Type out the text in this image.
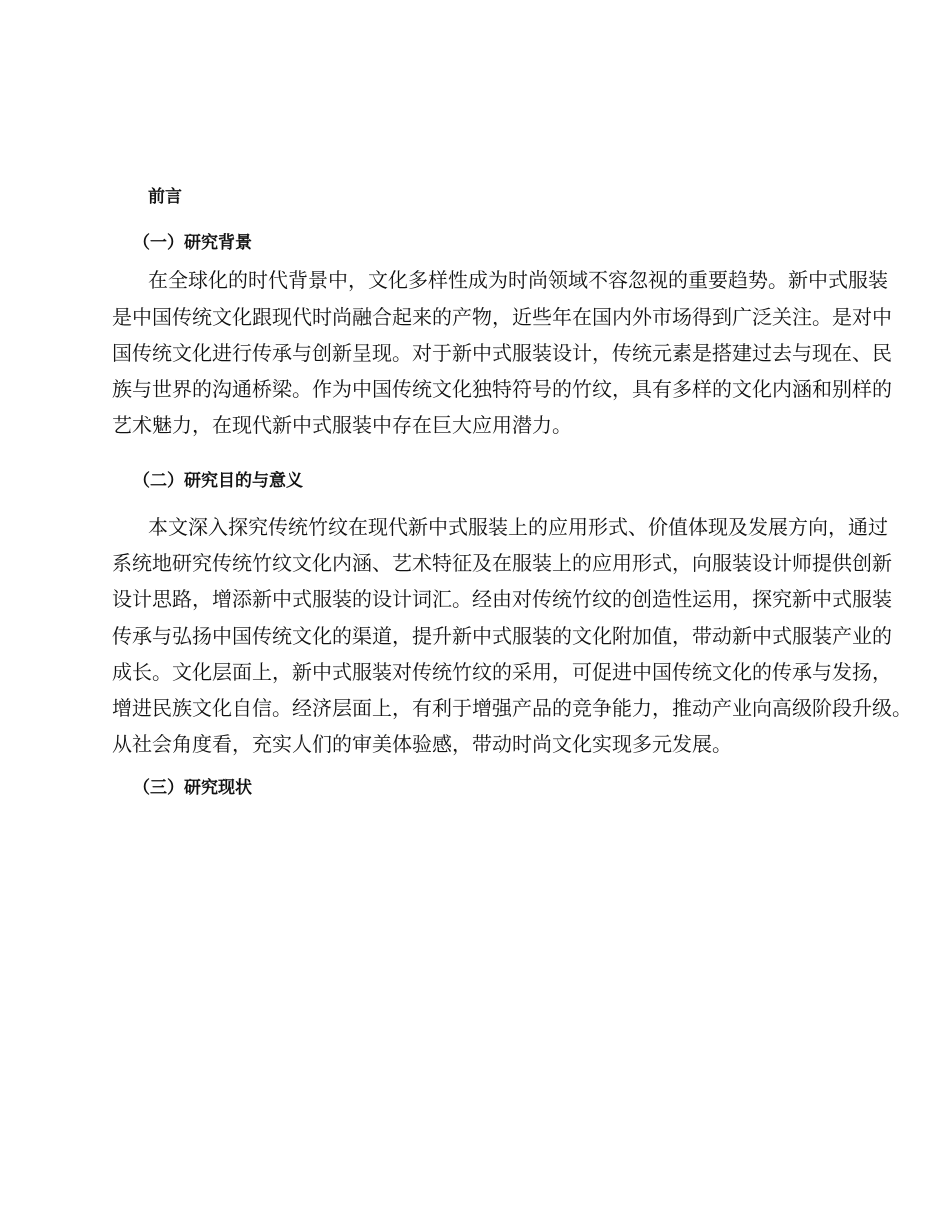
前言
（一）研究背景
在全球化的时代背景中，文化多样性成为时尚领域不容忽视的重要趋势。新中式服装
是中国传统文化跟现代时尚融合起来的产物，近些年在国内外市场得到广泛关注。是对中
国传统文化进行传承与创新呈现。对于新中式服装设计，传统元素是搭建过去与现在、民
族与世界的沟通桥梁。作为中国传统文化独特符号的竹纹，具有多样的文化内涵和别样的
艺术魅力，在现代新中式服装中存在巨大应用潜力。
（二）研究目的与意义
本文深入探究传统竹纹在现代新中式服装上的应用形式、价值体现及发展方向，通过
系统地研究传统竹纹文化内涵、艺术特征及在服装上的应用形式，向服装设计师提供创新
设计思路，增添新中式服装的设计词汇。经由对传统竹纹的创造性运用，探究新中式服装
传承与弘扬中国传统文化的渠道，提升新中式服装的文化附加值，带动新中式服装产业的
成长。文化层面上，新中式服装对传统竹纹的采用，可促进中国传统文化的传承与发扬，
增进民族文化自信。经济层面上，有利于增强产品的竞争能力，推动产业向高级阶段升级。
从社会角度看，充实人们的审美体验感，带动时尚文化实现多元发展。
（三）研究现状
